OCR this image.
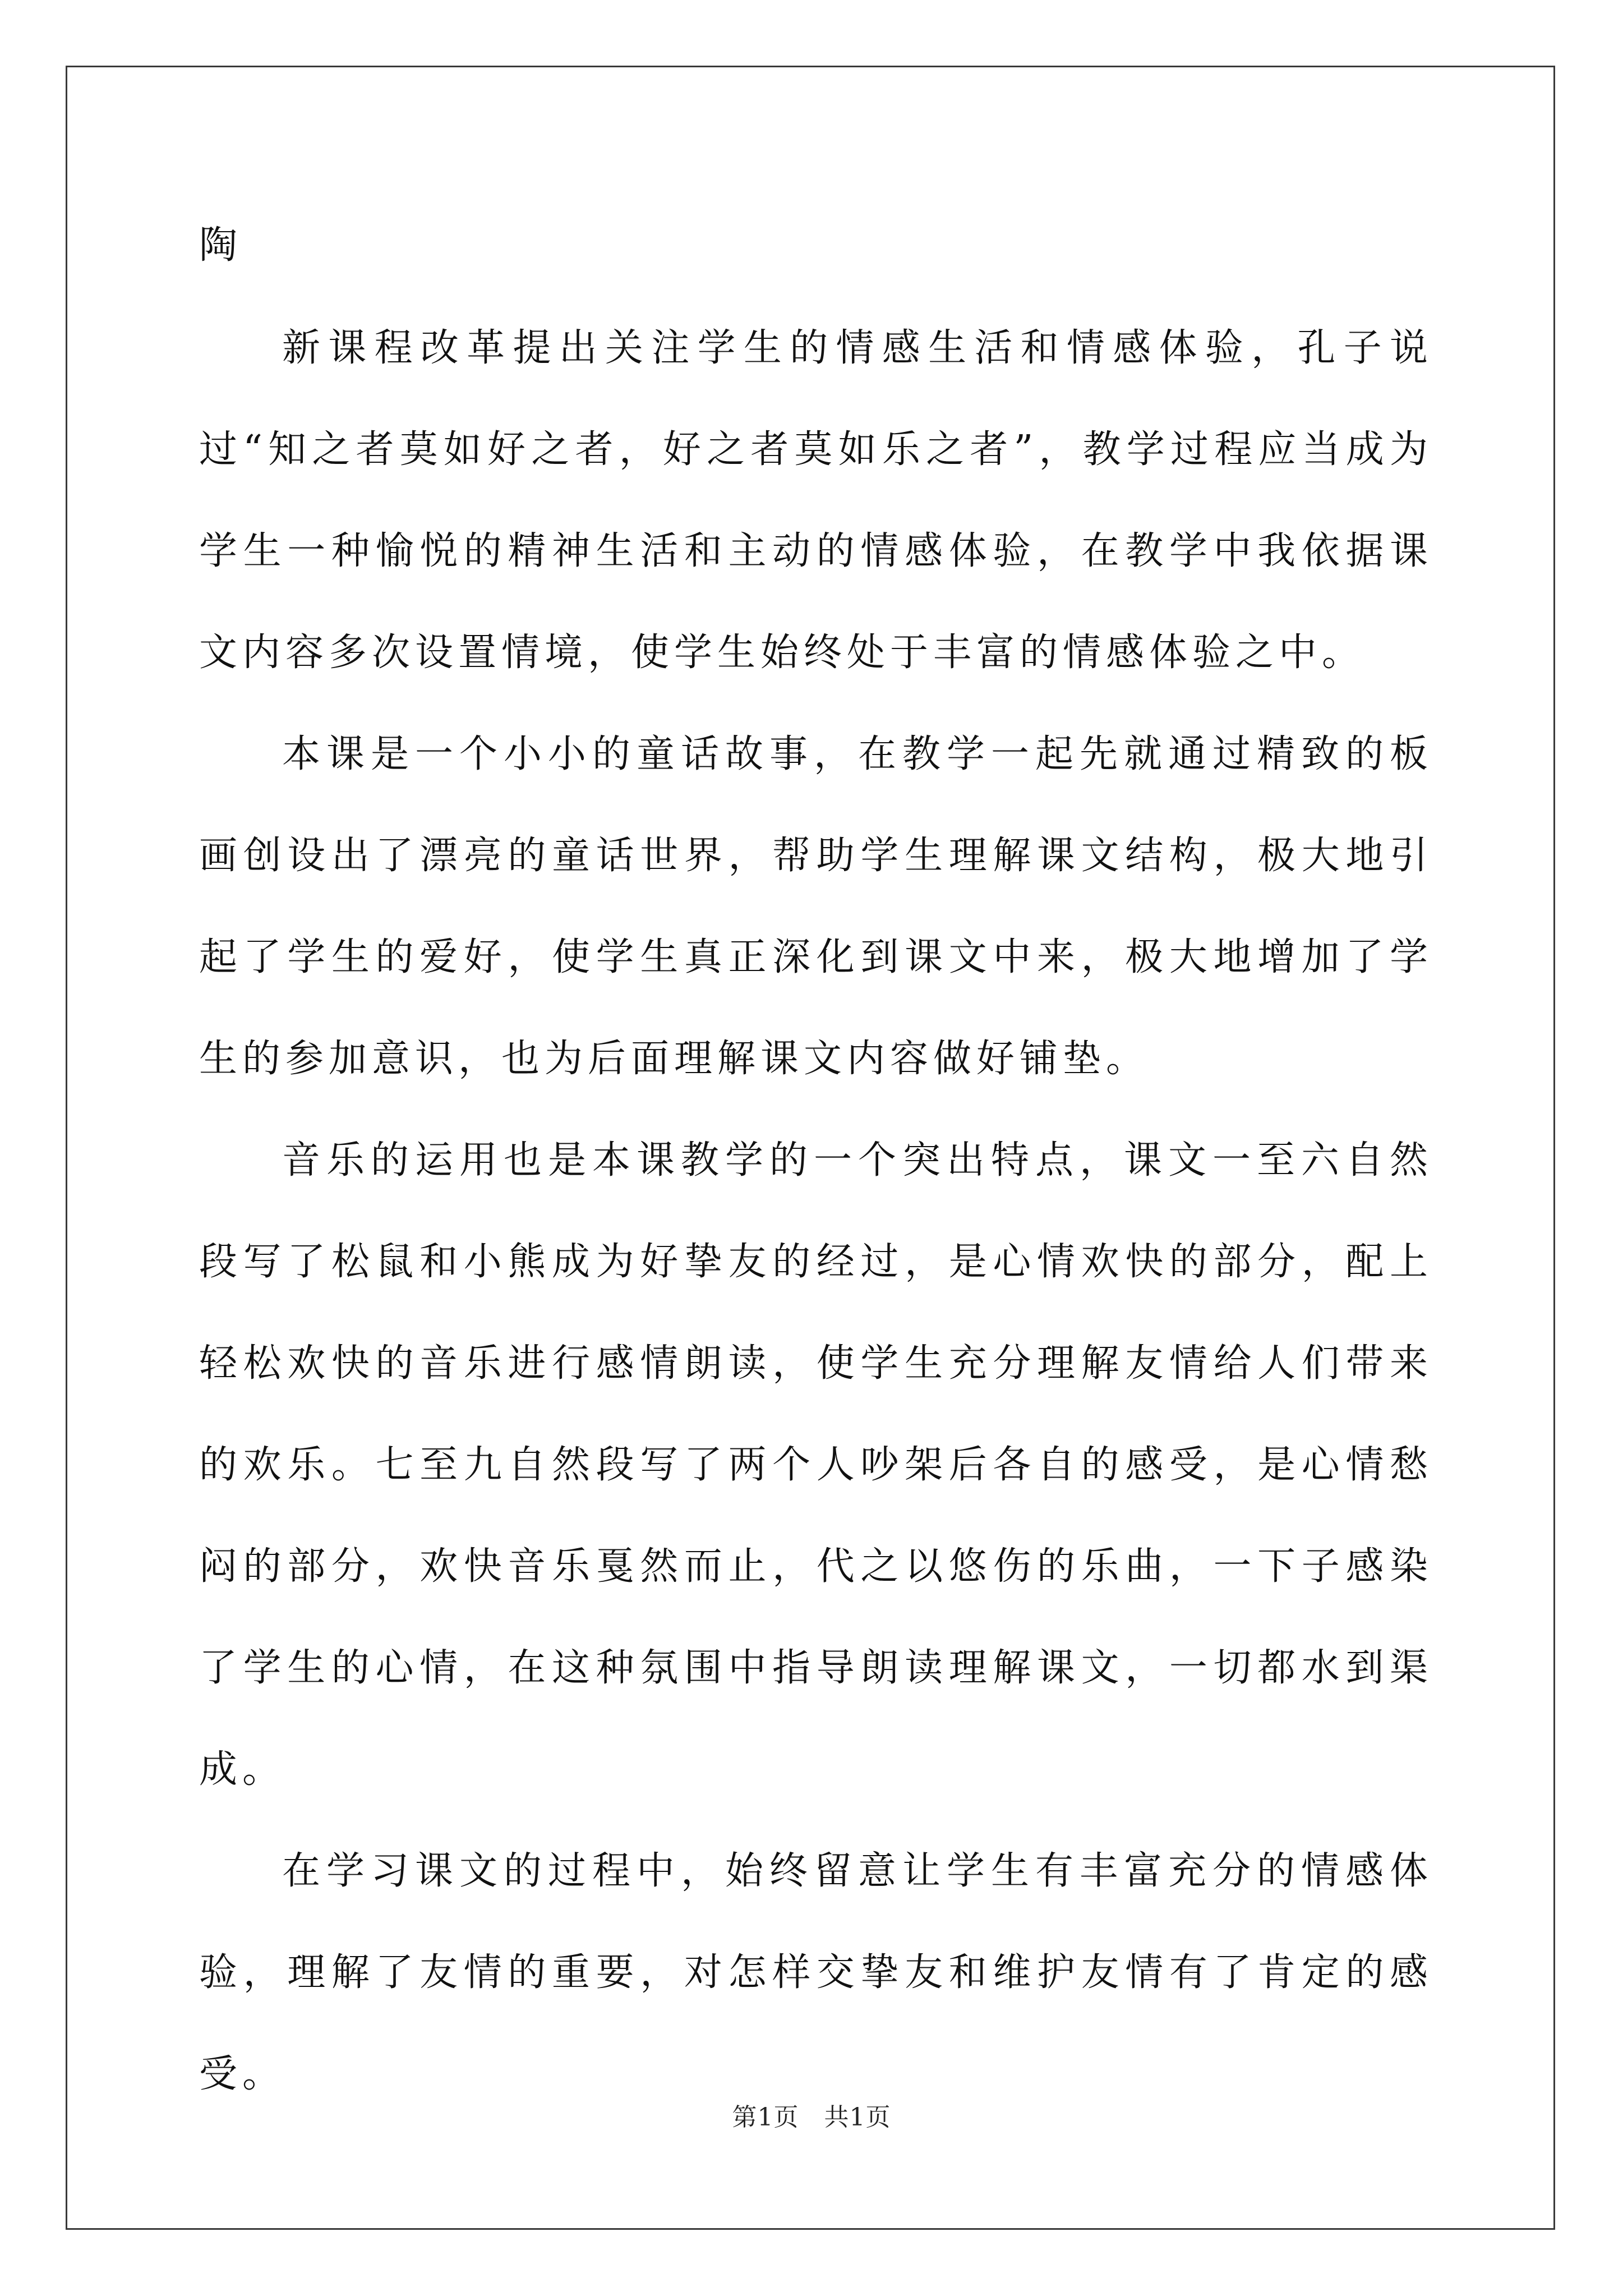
陶

新课程改革提出关注学生的情感生活和情感体验，孔子说过“知之者莫如好之者，好之者莫如乐之者”，教学过程应当成为学生一种愉悦的精神生活和主动的情感体验，在教学中我依据课文内容多次设置情境，使学生始终处于丰富的情感体验之中。

本课是一个小小的童话故事，在教学一起先就通过精致的板画创设出了漂亮的童话世界，帮助学生理解课文结构，极大地引起了学生的爱好，使学生真正深化到课文中来，极大地增加了学生的参加意识，也为后面理解课文内容做好铺垫。

音乐的运用也是本课教学的一个突出特点，课文一至六自然段写了松鼠和小熊成为好挚友的经过，是心情欢快的部分，配上轻松欢快的音乐进行感情朗读，使学生充分理解友情给人们带来的欢乐。七至九自然段写了两个人吵架后各自的感受，是心情愁闷的部分，欢快音乐戛然而止，代之以悠伤的乐曲，一下子感染了学生的心情，在这种氛围中指导朗读理解课文，一切都水到渠成。

在学习课文的过程中，始终留意让学生有丰富充分的情感体验，理解了友情的重要，对怎样交挚友和维护友情有了肯定的感受。

第1页 共1页
